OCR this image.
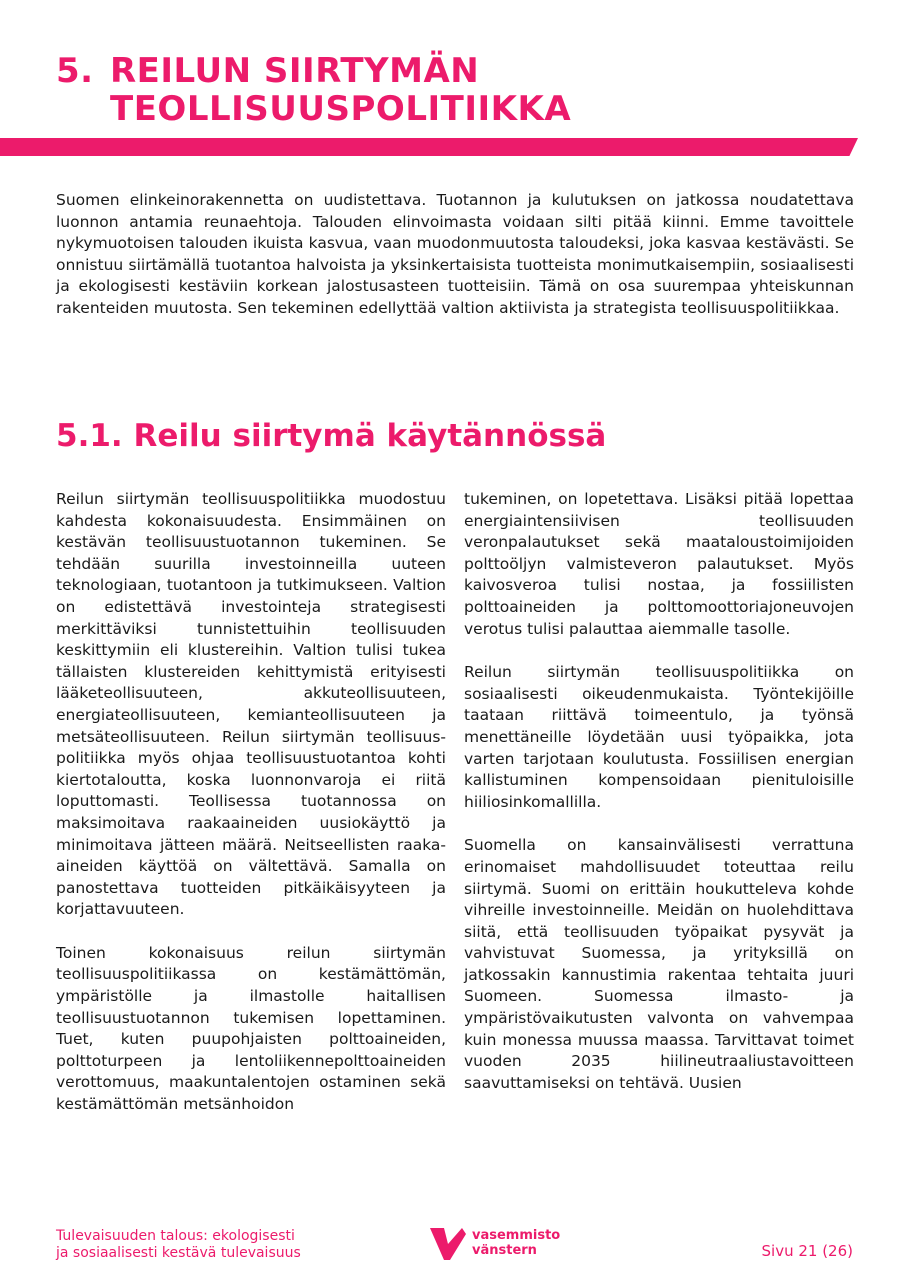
5. REILUN SIIRTYMÄN
TEOLLISUUSPOLITIIKKA

Suomen elinkeinorakennetta on uudistettava. Tuotannon ja kulutuksen on jatkossa noudatettava luonnon antamia reunaehtoja. Talouden elinvoimasta voidaan silti pitää kiinni. Emme tavoittele nykymuotoisen talouden ikuista kasvua, vaan muodonmuutosta taloudeksi, joka kasvaa kestävästi. Se onnistuu siirtämällä tuotantoa halvoista ja yksinkertaisista tuotteista monimutkaisempiin, sosiaalisesti ja ekologisesti kestäviin korkean jalostusasteen tuotteisiin. Tämä on osa suurempaa yhteiskunnan rakenteiden muutosta. Sen tekeminen edellyttää valtion aktiivista ja strategista teollisuuspolitiikkaa.

5.1. Reilu siirtymä käytännössä

Reilun siirtymän teollisuuspolitiikka muodostuu kahdesta kokonaisuudesta. Ensimmäinen on kestävän teollisuustuotannon tukeminen. Se tehdään suurilla investoinneilla uuteen teknologiaan, tuotantoon ja tutkimukseen. Valtion on edistettävä investointeja strategisesti merkittäviksi tunnistettuihin teollisuuden keskittymiin eli klustereihin. Valtion tulisi tukea tällaisten klustereiden kehittymistä erityisesti lääketeollisuuteen, akkuteollisuuteen, energiateollisuuteen, kemianteollisuuteen ja metsäteollisuuteen. Reilun siirtymän teollisuuspolitiikka myös ohjaa teollisuustuotantoa kohti kiertotaloutta, koska luonnonvaroja ei riitä loputtomasti. Teollisessa tuotannossa on maksimoitava raakaaineiden uusiokäyttö ja minimoitava jätteen määrä. Neitseellisten raakaaineiden käyttöä on vältettävä. Samalla on panostettava tuotteiden pitkäikäisyyteen ja korjattavuuteen.

Toinen kokonaisuus reilun siirtymän teollisuuspolitiikassa on kestämättömän, ympäristölle ja ilmastolle haitallisen teollisuustuotannon tukemisen lopettaminen. Tuet, kuten puupohjaisten polttoaineiden, polttoturpeen ja lentoliikennepolttoaineiden verottomuus, maakuntalentojen ostaminen sekä kestämättömän metsänhoidon

tukeminen, on lopetettava. Lisäksi pitää lopettaa energiaintensiivisen teollisuuden veronpalautukset sekä maataloustoimijoiden polttoöljyn valmisteveron palautukset. Myös kaivosveroa tulisi nostaa, ja fossiilisten polttoaineiden ja polttomoottoriajoneuvojen verotus tulisi palauttaa aiemmalle tasolle.

Reilun siirtymän teollisuuspolitiikka on sosiaalisesti oikeudenmukaista. Työntekijöille taataan riittävä toimeentulo, ja työnsä menettäneille löydetään uusi työpaikka, jota varten tarjotaan koulutusta. Fossiilisen energian kallistuminen kompensoidaan pienituloisille hiiliosinkomallilla.

Suomella on kansainvälisesti verrattuna erinomaiset mahdollisuudet toteuttaa reilu siirtymä. Suomi on erittäin houkutteleva kohde vihreille investoinneille. Meidän on huolehdittava siitä, että teollisuuden työpaikat pysyvät ja vahvistuvat Suomessa, ja yrityksillä on jatkossakin kannustimia rakentaa tehtaita juuri Suomeen. Suomessa ilmasto- ja ympäristövaikutusten valvonta on vahvempaa kuin monessa muussa maassa. Tarvittavat toimet vuoden 2035 hiilineutraaliustavoitteen saavuttamiseksi on tehtävä. Uusien

Tulevaisuuden talous: ekologisesti
ja sosiaalisesti kestävä tulevaisuus
vasemmisto
vänstern	Sivu 21 (26)
